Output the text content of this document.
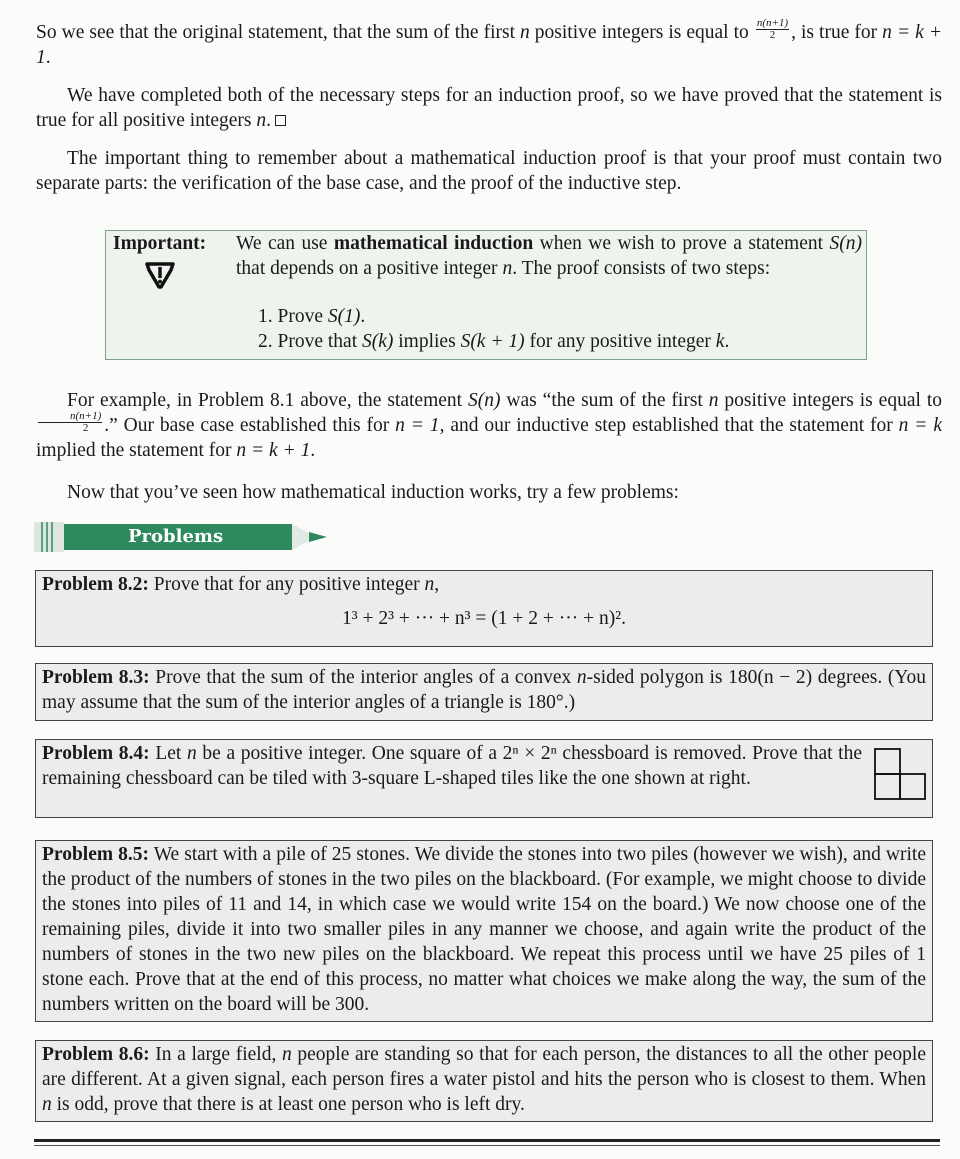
So we see that the original statement, that the sum of the first n positive integers is equal to $\frac{n(n+1)}{2}$ , is true for n = k + 1.

We have completed both of the necessary steps for an induction proof, so we have proved that the statement is true for all positive integers n.

The important thing to remember about a mathematical induction proof is that your proof must contain two separate parts: the verification of the base case, and the proof of the inductive step.

Important: We can use mathematical induction when we wish to prove a statement S(n) that depends on a positive integer n. The proof consists of two steps:
1. Prove S(1).
2. Prove that S(k) implies S(k + 1) for any positive integer k.

For example, in Problem 8.1 above, the statement S(n) was “the sum of the first n positive integers is equal to
$\frac{n(n+1)}{2}$ .” Our base case established this for n = 1, and our inductive step established that the statement for n = k implied the statement for n = k + 1.

Now that you’ve seen how mathematical induction works, try a few problems:

Problems
Problem 8.2: Prove that for any positive integer n,
1³ + 2³ + ··· + n³ = (1 + 2 + ··· + n)².
Problem 8.3: Prove that the sum of the interior angles of a convex n-sided polygon is 180(n − 2) degrees. (You may assume that the sum of the interior angles of a triangle is 180°.)
Problem 8.4: Let n be a positive integer. One square of a 2ⁿ × 2ⁿ chessboard is removed. Prove that the remaining chessboard can be tiled with 3-square L-shaped tiles like the one shown at right.
Problem 8.5: We start with a pile of 25 stones. We divide the stones into two piles (however we wish), and write the product of the numbers of stones in the two piles on the blackboard. (For example, we might choose to divide the stones into piles of 11 and 14, in which case we would write 154 on the board.) We now choose one of the remaining piles, divide it into two smaller piles in any manner we choose, and again write the product of the numbers of stones in the two new piles on the blackboard. We repeat this process until we have 25 piles of 1 stone each. Prove that at the end of this process, no matter what choices we make along the way, the sum of the numbers written on the board will be 300.
Problem 8.6: In a large field, n people are standing so that for each person, the distances to all the other people are different. At a given signal, each person fires a water pistol and hits the person who is closest to them. When n is odd, prove that there is at least one person who is left dry.
